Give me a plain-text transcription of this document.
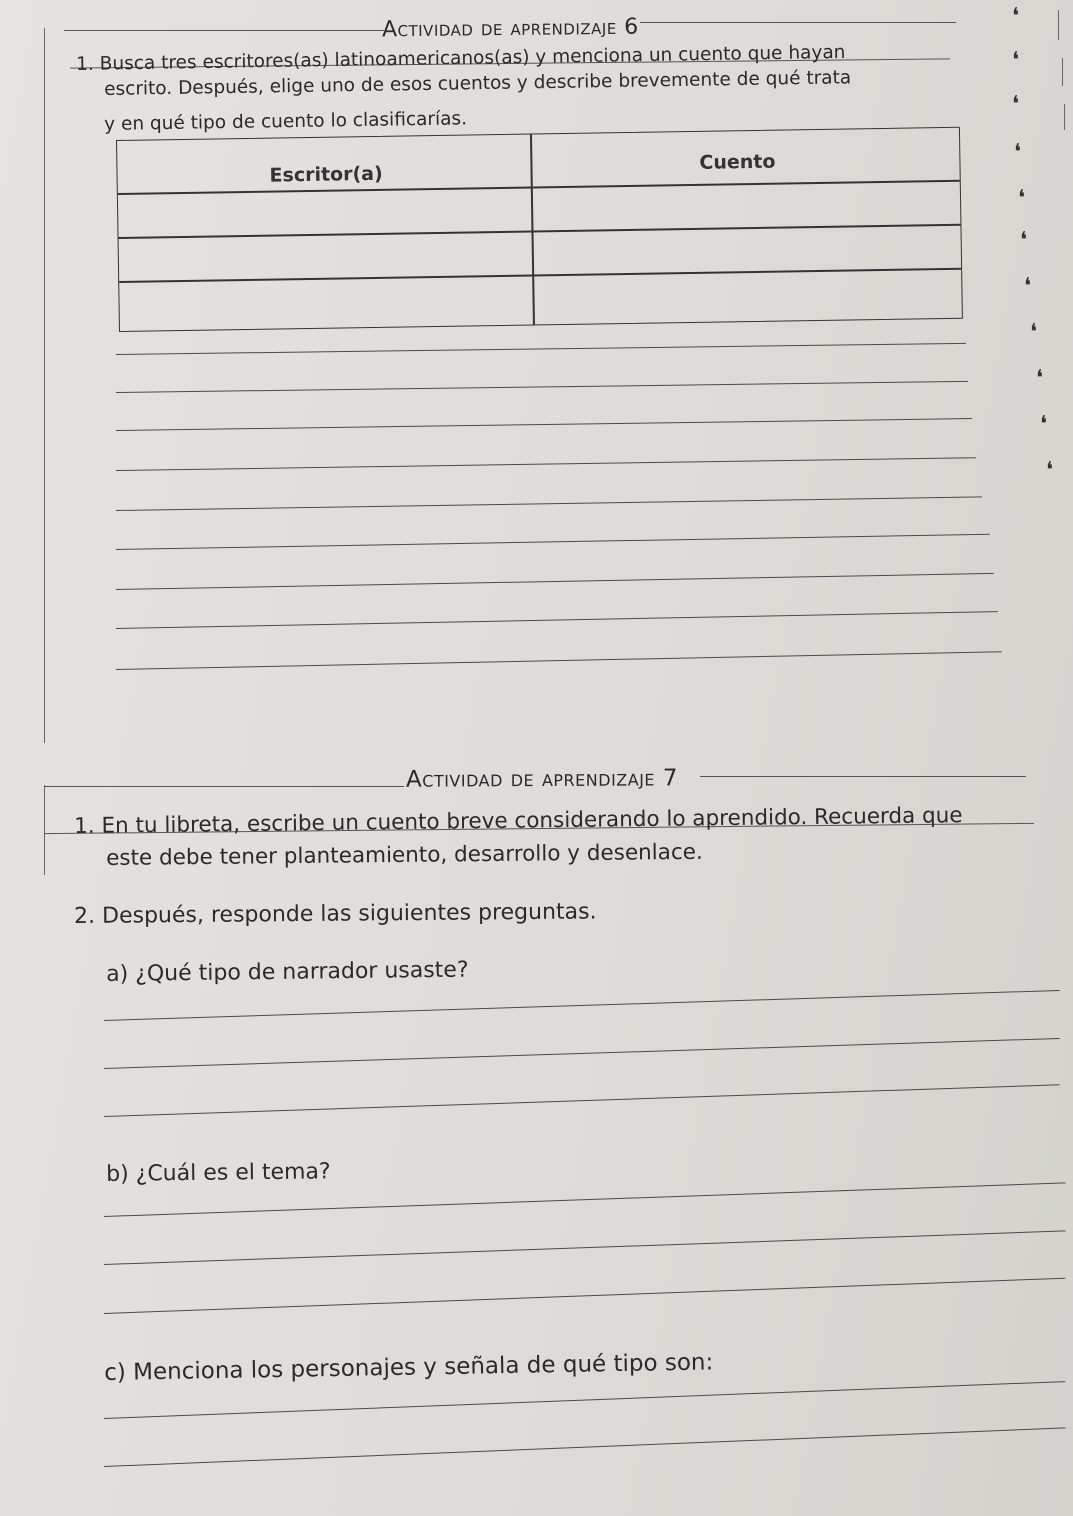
Actividad de aprendizaje 6
1. Busca tres escritores(as) latinoamericanos(as) y menciona un cuento que hayan
escrito. Después, elige uno de esos cuentos y describe brevemente de qué trata
y en qué tipo de cuento lo clasificarías.
Escritor(a)
Cuento
Actividad de aprendizaje 7
1. En tu libreta, escribe un cuento breve considerando lo aprendido. Recuerda que
este debe tener planteamiento, desarrollo y desenlace.
2. Después, responde las siguientes preguntas.
a) ¿Qué tipo de narrador usaste?
b) ¿Cuál es el tema?
c) Menciona los personajes y señala de qué tipo son:
❛
❛
❛
❛
❛
❛
❛
❛
❛
❛
❛
